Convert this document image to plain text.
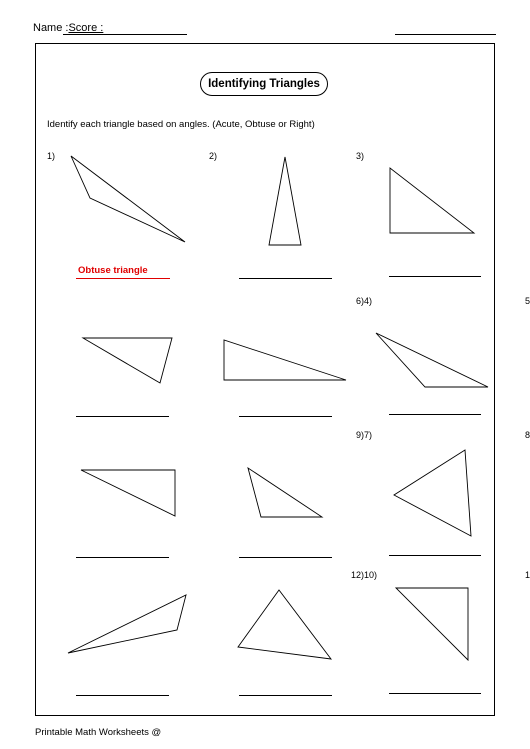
Name :Score :
Identifying Triangles
Identify each triangle based on angles. (Acute, Obtuse or Right)
1)	2)	3)
6)4)
9)7)
12)10)
5
8
1
Obtuse triangle
Printable Math Worksheets @
